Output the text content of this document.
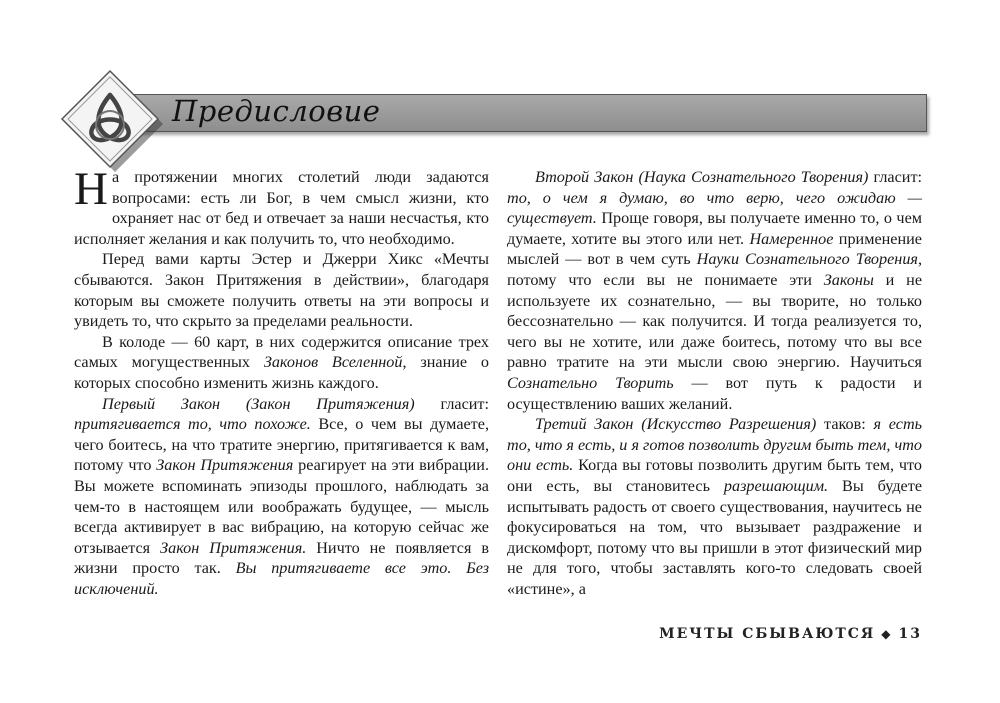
Предисловие

На протяжении многих столетий люди задаются вопросами: есть ли Бог, в чем смысл жизни, кто охраняет нас от бед и отвечает за наши несчастья, кто исполняет желания и как получить то, что необходимо.

Перед вами карты Эстер и Джерри Хикс «Мечты сбываются. Закон Притяжения в действии», благодаря которым вы сможете получить ответы на эти вопросы и увидеть то, что скрыто за пределами реальности.

В колоде — 60 карт, в них содержится описание трех самых могущественных Законов Вселенной, знание о которых способно изменить жизнь каждого.

Первый Закон (Закон Притяжения) гласит: притягивается то, что похоже. Все, о чем вы думаете, чего боитесь, на что тратите энергию, притягивается к вам, потому что Закон Притяжения реагирует на эти вибрации. Вы можете вспоминать эпизоды прошлого, наблюдать за чем-то в настоящем или воображать будущее, — мысль всегда активирует в вас вибрацию, на которую сейчас же отзывается Закон Притяжения. Ничто не появляется в жизни просто так. Вы притягиваете все это. Без исключений.

Второй Закон (Наука Сознательного Творения) гласит: то, о чем я думаю, во что верю, чего ожидаю — существует. Проще говоря, вы получаете именно то, о чем думаете, хотите вы этого или нет. Намеренное применение мыслей — вот в чем суть Науки Сознательного Творения, потому что если вы не понимаете эти Законы и не используете их сознательно, — вы творите, но только бессознательно — как получится. И тогда реализуется то, чего вы не хотите, или даже боитесь, потому что вы все равно тратите на эти мысли свою энергию. Научиться Сознательно Творить — вот путь к радости и осуществлению ваших желаний.

Третий Закон (Искусство Разрешения) таков: я есть то, что я есть, и я готов позволить другим быть тем, что они есть. Когда вы готовы позволить другим быть тем, что они есть, вы становитесь разрешающим. Вы будете испытывать радость от своего существования, научитесь не фокусироваться на том, что вызывает раздражение и дискомфорт, потому что вы пришли в этот физический мир не для того, чтобы заставлять кого-то следовать своей «истине», а

МЕЧТЫ СБЫВАЮТСЯ ◆ 13
